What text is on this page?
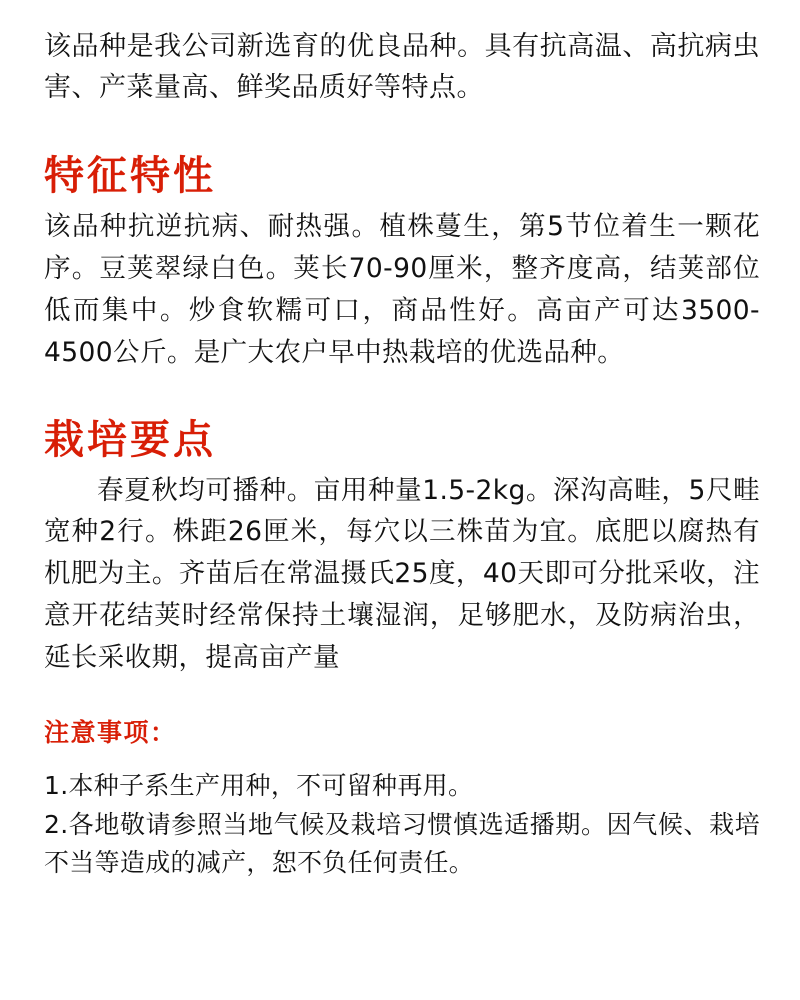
该品种是我公司新选育的优良品种。具有抗高温、高抗病虫害、产菜量高、鲜奖品质好等特点。

特征特性

该品种抗逆抗病、耐热强。植株蔓生，第5节位着生一颗花序。豆荚翠绿白色。荚长70-90厘米，整齐度高，结荚部位低而集中。炒食软糯可口，商品性好。高亩产可达3500-4500公斤。是广大农户早中热栽培的优选品种。

栽培要点

春夏秋均可播种。亩用种量1.5-2kg。深沟高畦，5尺畦宽种2行。株距26匣米，每穴以三株苗为宜。底肥以腐热有机肥为主。齐苗后在常温摄氏25度，40天即可分批采收，注意开花结荚时经常保持土壤湿润，足够肥水，及防病治虫，延长采收期，提高亩产量

注意事项：

1.本种子系生产用种，不可留种再用。

2.各地敬请参照当地气候及栽培习惯慎选适播期。因气候、栽培不当等造成的减产，恕不负任何责任。
